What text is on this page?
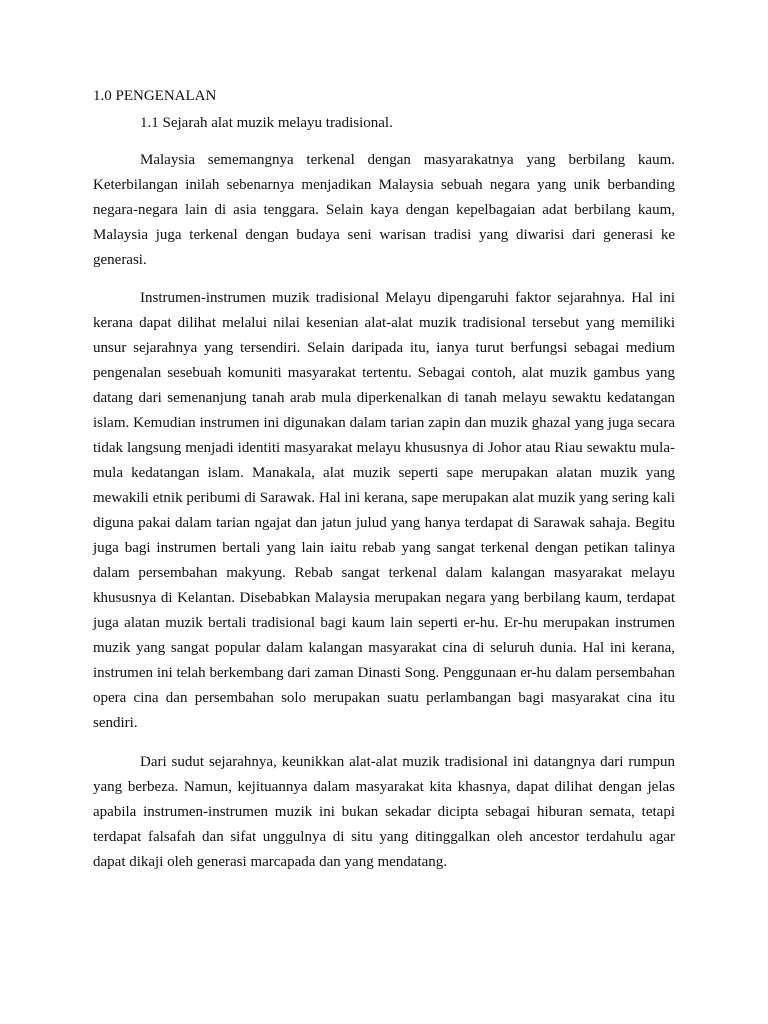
1.0 PENGENALAN
1.1 Sejarah alat muzik melayu tradisional.

Malaysia sememangnya terkenal dengan masyarakatnya yang berbilang kaum. Keterbilangan inilah sebenarnya menjadikan Malaysia sebuah negara yang unik berbanding negara-negara lain di asia tenggara. Selain kaya dengan kepelbagaian adat berbilang kaum, Malaysia juga terkenal dengan budaya seni warisan tradisi yang diwarisi dari generasi ke generasi.

Instrumen-instrumen muzik tradisional Melayu dipengaruhi faktor sejarahnya. Hal ini kerana dapat dilihat melalui nilai kesenian alat-alat muzik tradisional tersebut yang memiliki unsur sejarahnya yang tersendiri. Selain daripada itu, ianya turut berfungsi sebagai medium pengenalan sesebuah komuniti masyarakat tertentu. Sebagai contoh, alat muzik gambus yang datang dari semenanjung tanah arab mula diperkenalkan di tanah melayu sewaktu kedatangan islam. Kemudian instrumen ini digunakan dalam tarian zapin dan muzik ghazal yang juga secara tidak langsung menjadi identiti masyarakat melayu khususnya di Johor atau Riau sewaktu mula-mula kedatangan islam. Manakala, alat muzik seperti sape merupakan alatan muzik yang mewakili etnik peribumi di Sarawak. Hal ini kerana, sape merupakan alat muzik yang sering kali diguna pakai dalam tarian ngajat dan jatun julud yang hanya terdapat di Sarawak sahaja. Begitu juga bagi instrumen bertali yang lain iaitu rebab yang sangat terkenal dengan petikan talinya dalam persembahan makyung. Rebab sangat terkenal dalam kalangan masyarakat melayu khususnya di Kelantan. Disebabkan Malaysia merupakan negara yang berbilang kaum, terdapat juga alatan muzik bertali tradisional bagi kaum lain seperti er-hu. Er-hu merupakan instrumen muzik yang sangat popular dalam kalangan masyarakat cina di seluruh dunia. Hal ini kerana, instrumen ini telah berkembang dari zaman Dinasti Song. Penggunaan er-hu dalam persembahan opera cina dan persembahan solo merupakan suatu perlambangan bagi masyarakat cina itu sendiri.

Dari sudut sejarahnya, keunikkan alat-alat muzik tradisional ini datangnya dari rumpun yang berbeza. Namun, kejituannya dalam masyarakat kita khasnya, dapat dilihat dengan jelas apabila instrumen-instrumen muzik ini bukan sekadar dicipta sebagai hiburan semata, tetapi terdapat falsafah dan sifat unggulnya di situ yang ditinggalkan oleh ancestor terdahulu agar dapat dikaji oleh generasi marcapada dan yang mendatang.
